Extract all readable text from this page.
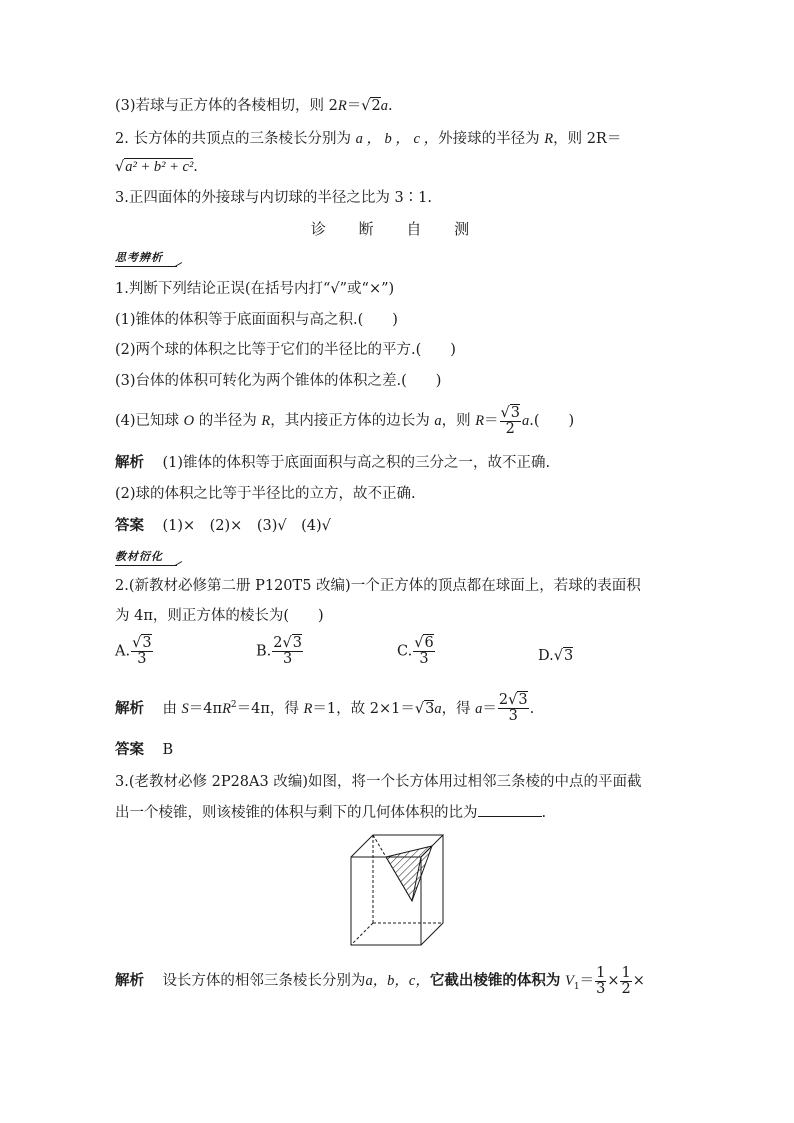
(3)若球与正方体的各棱相切，则 2R＝√2a.
2. 长方体的共顶点的三条棱长分别为 a ， b ， c ，外接球的半径为 R，则 2R＝
√a² + b² + c².
3.正四面体的外接球与内切球的半径之比为 3∶1.
诊 断 自 测
思考辨析
1.判断下列结论正误(在括号内打“√”或“×”)
(1)锥体的体积等于底面面积与高之积.(　　)
(2)两个球的体积之比等于它们的半径比的平方.(　　)
(3)台体的体积可转化为两个锥体的体积之差.(　　)
(4)已知球 O 的半径为 R，其内接正方体的边长为 a，则 $R= \frac{√3}{2} a$.(　　)
解析 (1)锥体的体积等于底面面积与高之积的三分之一，故不正确.
(2)球的体积之比等于半径比的立方，故不正确.
答案 (1)×　(2)×　(3)√　(4)√
教材衍化
2.(新教材必修第二册 P120T5 改编)一个正方体的顶点都在球面上，若球的表面积
为 4π，则正方体的棱长为(　　)
A. $\frac{√3}{3}$	B. $\frac{2√3}{3}$	C. $\frac{√6}{3}$	D.√3
解析 由 $S=4\pi R^2=4\pi$，得 R＝1，故 2×1＝√3a，得 $a= \frac{2√3}{3}$ .
答案 B
3.(老教材必修 2P28A3 改编)如图，将一个长方体用过相邻三条棱的中点的平面截
出一个棱锥，则该棱锥的体积与剩下的几何体体积的比为	.
解析 设长方体的相邻三条棱长分别为a，b，c，它截出棱锥的体积为 $V_1= \frac{1}{3} \times \frac{1}{2}$ ×
